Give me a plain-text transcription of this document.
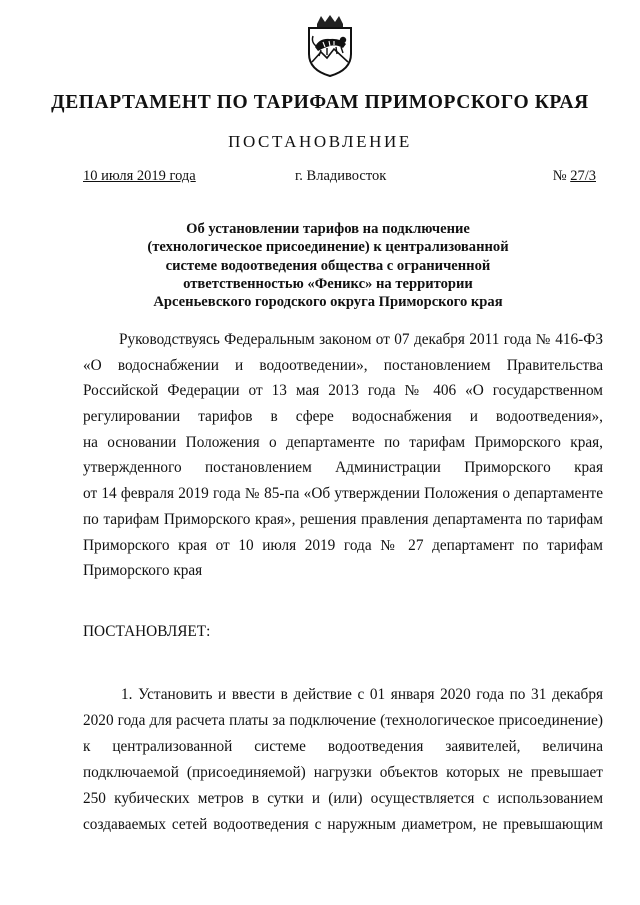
ДЕПАРТАМЕНТ ПО ТАРИФАМ ПРИМОРСКОГО КРАЯ
ПОСТАНОВЛЕНИЕ
10 июля 2019 года	г. Владивосток	№ 27/3
Об установлении тарифов на подключение
(технологическое присоединение) к централизованной
системе водоотведения общества с ограниченной
ответственностью «Феникс» на территории
Арсеньевского городского округа Приморского края
Руководствуясь Федеральным законом от 07 декабря 2011 года № 416-ФЗ
«О водоснабжении и водоотведении», постановлением Правительства
Российской Федерации от 13 мая 2013 года № 406 «О государственном
регулировании тарифов в сфере водоснабжения и водоотведения»,
на основании Положения о департаменте по тарифам Приморского края,
утвержденного постановлением Администрации Приморского края
от 14 февраля 2019 года № 85-па «Об утверждении Положения о департаменте
по тарифам Приморского края», решения правления департамента по тарифам
Приморского края от 10 июля 2019 года № 27 департамент по тарифам
Приморского края
ПОСТАНОВЛЯЕТ:
1. Установить и ввести в действие с 01 января 2020 года по 31 декабря
2020 года для расчета платы за подключение (технологическое присоединение)
к централизованной системе водоотведения заявителей, величина
подключаемой (присоединяемой) нагрузки объектов которых не превышает
250 кубических метров в сутки и (или) осуществляется с использованием
создаваемых сетей водоотведения с наружным диаметром, не превышающим
